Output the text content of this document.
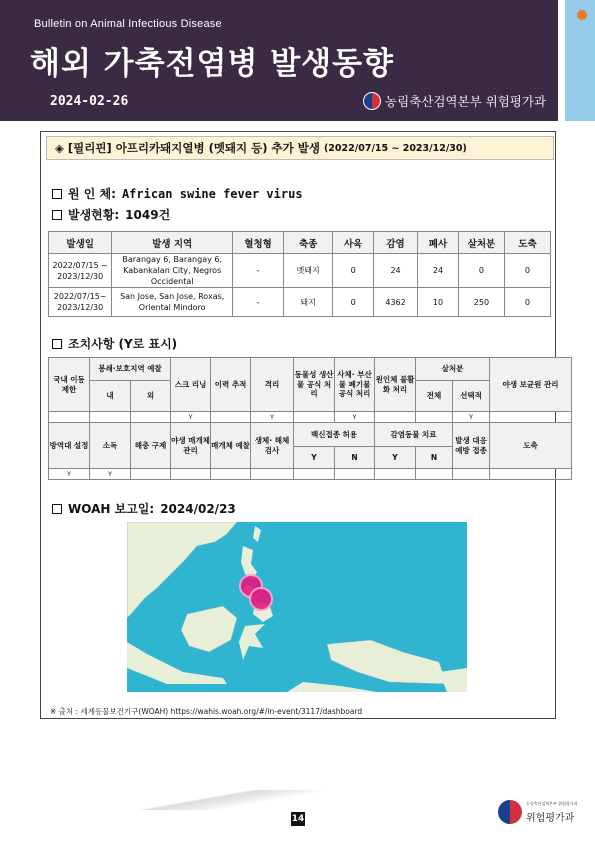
Bulletin on Animal Infectious Disease
해외 가축전염병 발생동향
2024-02-26	농림축산검역본부 위험평가과
◈ [필리핀] 아프리카돼지열병 (멧돼지 등) 추가 발생 (2022/07/15 ~ 2023/12/30)
원 인 체: African swine fever virus
발생현황: 1049건
발생일	발생 지역	혈청형	축종	사육	감염	폐사	살처분	도축
2022/07/15 ~
2023/12/30	Barangay 6, Barangay 6, Kabankalan City, Negros Occidental	-	멧돼지	0	24	24	0	0
2022/07/15~
2023/12/30	San Jose, San Jose, Roxas, Oriental Mindoro	-	돼지	0	4362	10	250	0
조치사항 (Y로 표시)
국내 이동 제한	봉쇄·보호지역 예찰		스크 리닝	이력 추적	격리	동물성 생산물 공식 처리	사체· 부산물 폐기물 공식 처리	원인체 불활화 처리	살처분		야생 보균원 관리
	내	외							전체	선택적	
			Y		Y		Y			Y	
방역대 설정	소독	해충 구제	야생 매개체 관리	매개체 예찰	생체· 해체 검사	백신접종 허용		감염동물 치료		발생 대응 예방 접종	도축
						Y	N	Y	N		
Y	Y										
WOAH 보고일: 2024/02/23
※ 출처 : 세계동물보건기구(WOAH) https://wahis.woah.org/#/in-event/3117/dashboard
14
농림축산검역본부 위험평가과
위험평가과
